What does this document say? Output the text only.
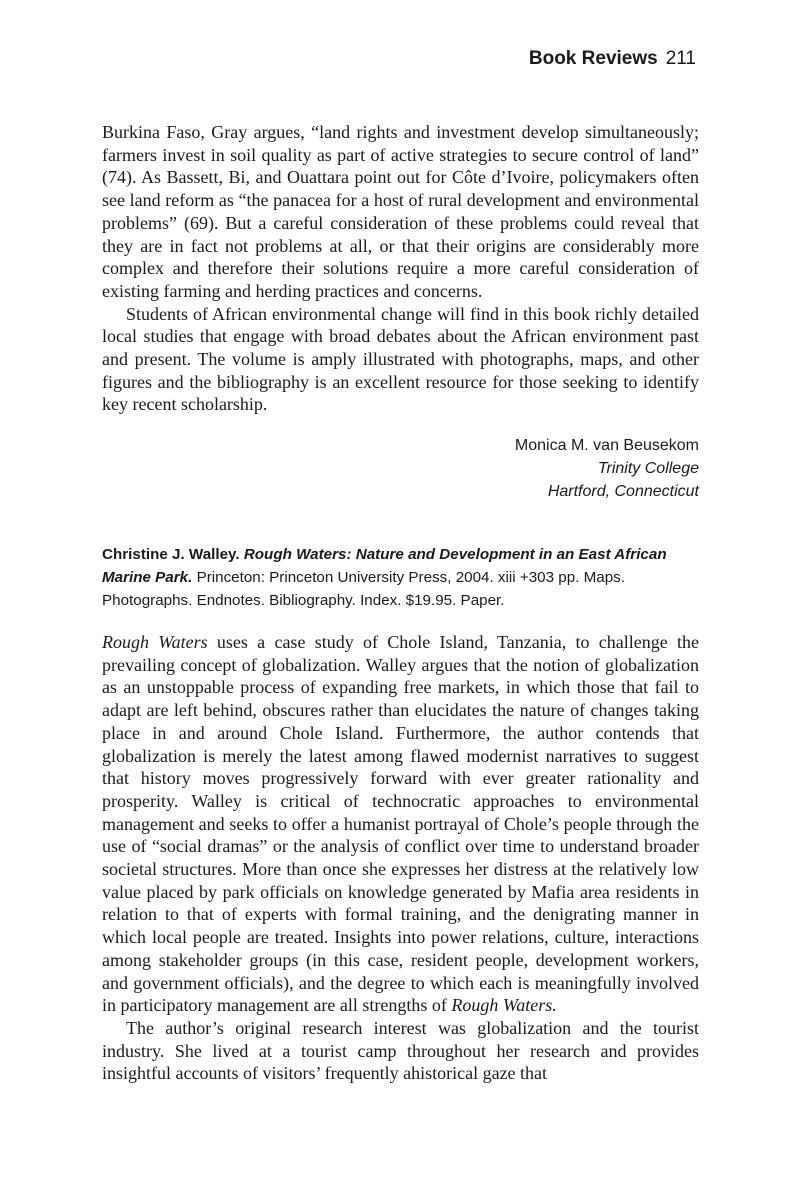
Book Reviews 211

Burkina Faso, Gray argues, “land rights and investment develop simultaneously; farmers invest in soil quality as part of active strategies to secure control of land” (74). As Bassett, Bi, and Ouattara point out for Côte d’Ivoire, policymakers often see land reform as “the panacea for a host of rural development and environmental problems” (69). But a careful consideration of these problems could reveal that they are in fact not problems at all, or that their origins are considerably more complex and therefore their solutions require a more careful consideration of existing farming and herding practices and concerns.

Students of African environmental change will find in this book richly detailed local studies that engage with broad debates about the African environment past and present. The volume is amply illustrated with photographs, maps, and other figures and the bibliography is an excellent resource for those seeking to identify key recent scholarship.

Monica M. van Beusekom
Trinity College
Hartford, Connecticut
Christine J. Walley. Rough Waters: Nature and Development in an East African Marine Park. Princeton: Princeton University Press, 2004. xiii +303 pp. Maps. Photographs. Endnotes. Bibliography. Index. $19.95. Paper.

Rough Waters uses a case study of Chole Island, Tanzania, to challenge the prevailing concept of globalization. Walley argues that the notion of globalization as an unstoppable process of expanding free markets, in which those that fail to adapt are left behind, obscures rather than elucidates the nature of changes taking place in and around Chole Island. Furthermore, the author contends that globalization is merely the latest among flawed modernist narratives to suggest that history moves progressively forward with ever greater rationality and prosperity. Walley is critical of technocratic approaches to environmental management and seeks to offer a humanist portrayal of Chole’s people through the use of “social dramas” or the analysis of conflict over time to understand broader societal structures. More than once she expresses her distress at the relatively low value placed by park officials on knowledge generated by Mafia area residents in relation to that of experts with formal training, and the denigrating manner in which local people are treated. Insights into power relations, culture, interactions among stakeholder groups (in this case, resident people, development workers, and government officials), and the degree to which each is meaningfully involved in participatory management are all strengths of Rough Waters.

The author’s original research interest was globalization and the tourist industry. She lived at a tourist camp throughout her research and provides insightful accounts of visitors’ frequently ahistorical gaze that
